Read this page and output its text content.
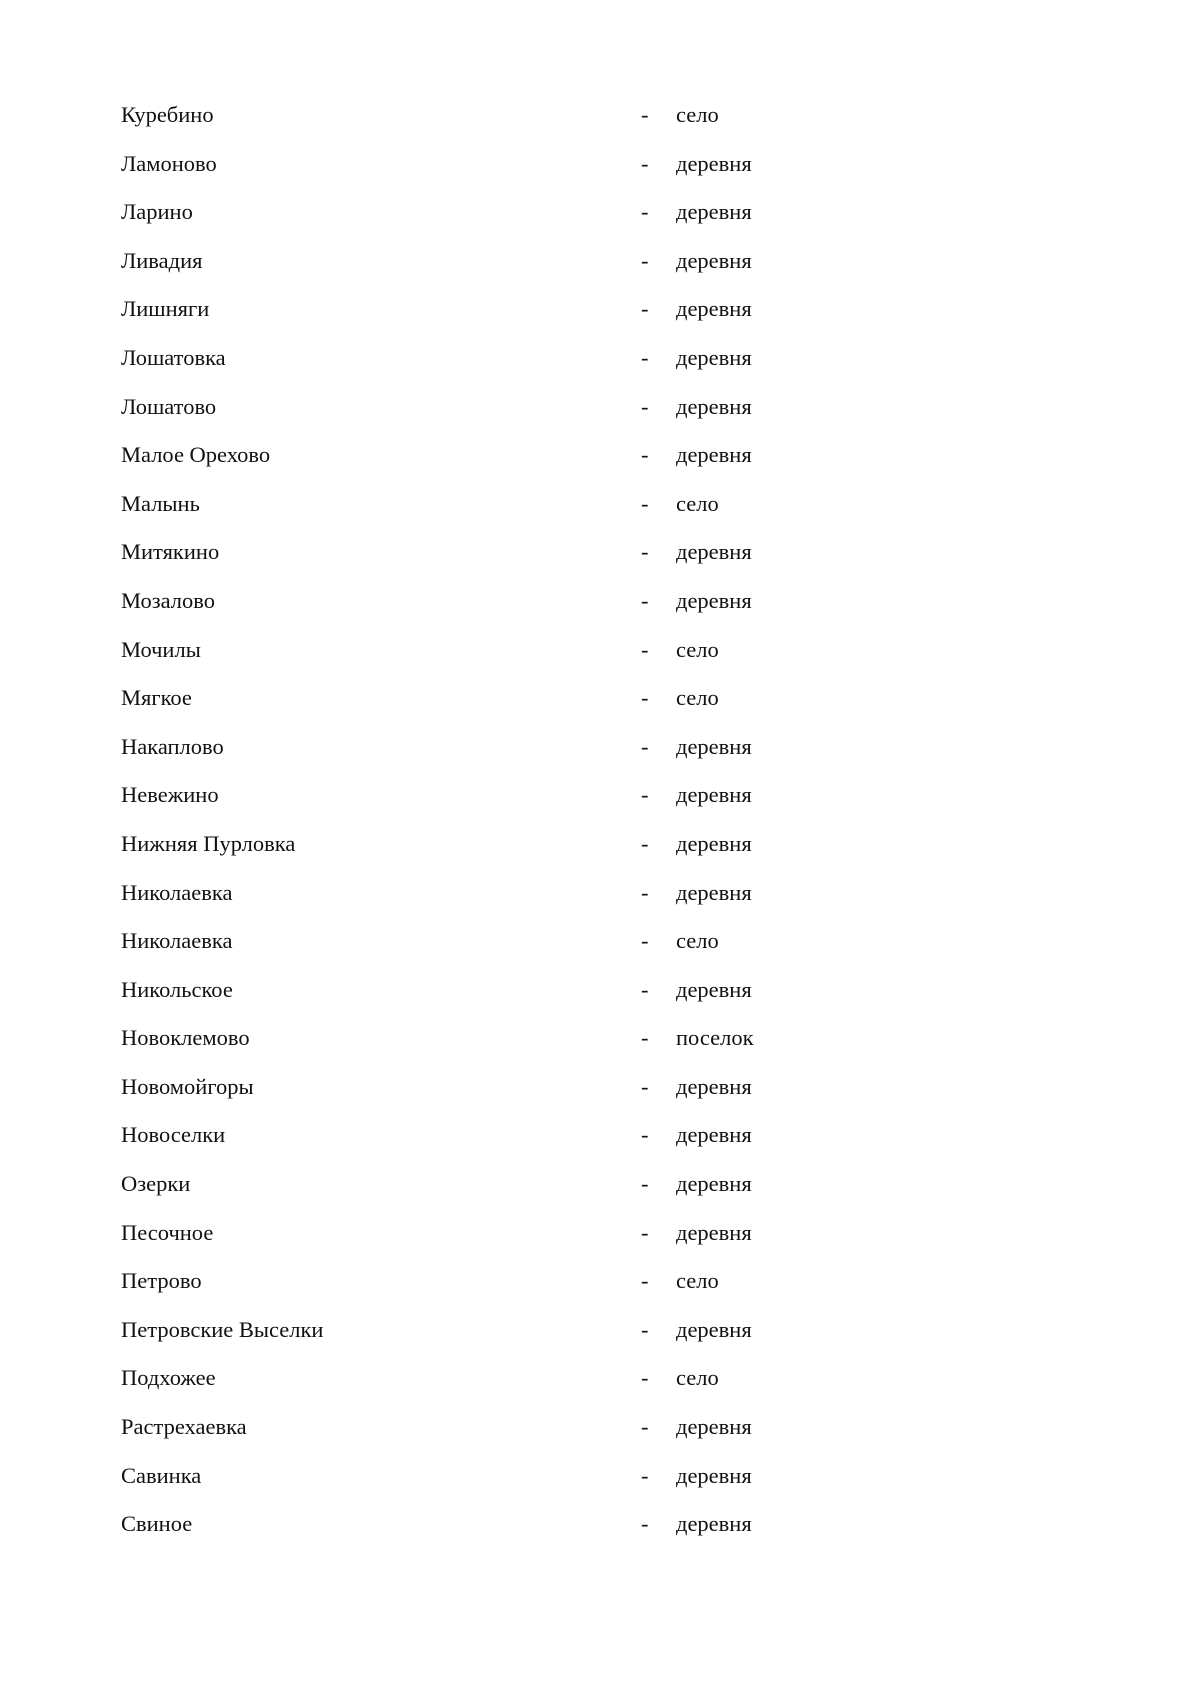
Куребино	-	село
Ламоново	-	деревня
Ларино	-	деревня
Ливадия	-	деревня
Лишняги	-	деревня
Лошатовка	-	деревня
Лошатово	-	деревня
Малое Орехово	-	деревня
Малынь	-	село
Митякино	-	деревня
Мозалово	-	деревня
Мочилы	-	село
Мягкое	-	село
Накаплово	-	деревня
Невежино	-	деревня
Нижняя Пурловка	-	деревня
Николаевка	-	деревня
Николаевка	-	село
Никольское	-	деревня
Новоклемово	-	поселок
Новомойгоры	-	деревня
Новоселки	-	деревня
Озерки	-	деревня
Песочное	-	деревня
Петрово	-	село
Петровские Выселки	-	деревня
Подхожее	-	село
Растрехаевка	-	деревня
Савинка	-	деревня
Свиное	-	деревня
